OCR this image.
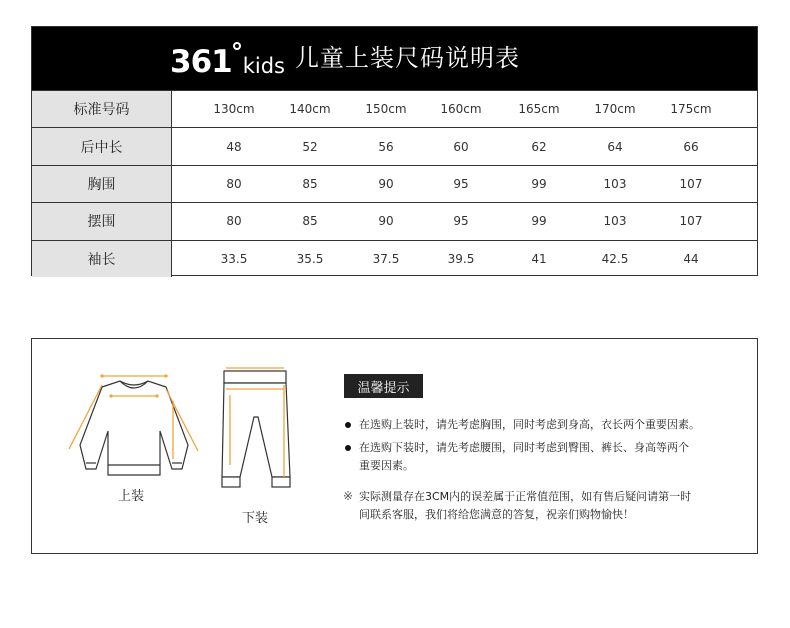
361 kids 儿童上装尺码说明表
标准号码	130cm	140cm	150cm	160cm	165cm	170cm	175cm
后中长	48	52	56	60	62	64	66
胸围	80	85	90	95	99	103	107
摆围	80	85	90	95	99	103	107
袖长	33.5	35.5	37.5	39.5	41	42.5	44
上装
下装
温馨提示
在选购上装时，请先考虑胸围，同时考虑到身高，衣长两个重要因素。
在选购下装时，请先考虑腰围，同时考虑到臀围、裤长、身高等两个
重要因素。
※ 实际测量存在3CM内的误差属于正常值范围，如有售后疑问请第一时
间联系客服，我们将给您满意的答复，祝亲们购物愉快！
